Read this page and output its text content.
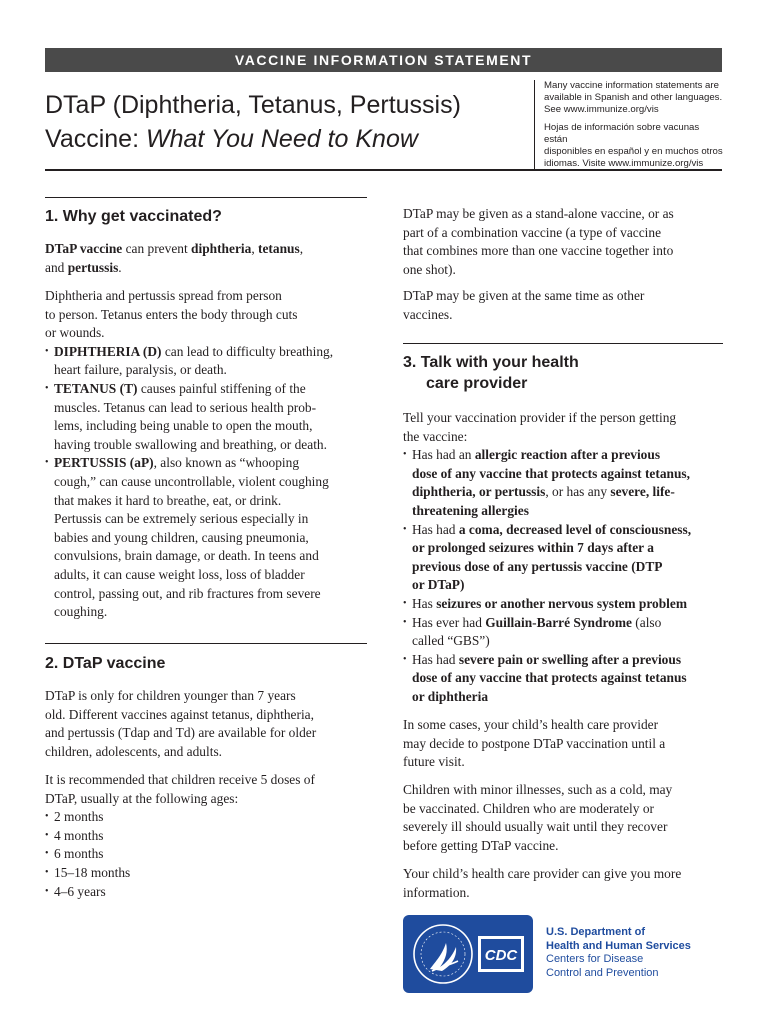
VACCINE INFORMATION STATEMENT
DTaP (Diphtheria, Tetanus, Pertussis)
Vaccine: What You Need to Know

Many vaccine information statements are
available in Spanish and other languages.
See www.immunize.org/vis

Hojas de información sobre vacunas están
disponibles en español y en muchos otros
idiomas. Visite www.immunize.org/vis

1. Why get vaccinated?
DTaP vaccine can prevent diphtheria, tetanus,
and pertussis.
Diphtheria and pertussis spread from person
to person. Tetanus enters the body through cuts
or wounds.
• DIPHTHERIA (D) can lead to difficulty breathing,
heart failure, paralysis, or death.
• TETANUS (T) causes painful stiffening of the
muscles. Tetanus can lead to serious health prob-
lems, including being unable to open the mouth,
having trouble swallowing and breathing, or death.
• PERTUSSIS (aP), also known as “whooping
cough,” can cause uncontrollable, violent coughing
that makes it hard to breathe, eat, or drink.
Pertussis can be extremely serious especially in
babies and young children, causing pneumonia,
convulsions, brain damage, or death. In teens and
adults, it can cause weight loss, loss of bladder
control, passing out, and rib fractures from severe
coughing.
2. DTaP vaccine
DTaP is only for children younger than 7 years
old. Different vaccines against tetanus, diphtheria,
and pertussis (Tdap and Td) are available for older
children, adolescents, and adults.
It is recommended that children receive 5 doses of
DTaP, usually at the following ages:
• 2 months
• 4 months
• 6 months
• 15–18 months
• 4–6 years
DTaP may be given as a stand-alone vaccine, or as
part of a combination vaccine (a type of vaccine
that combines more than one vaccine together into
one shot).
DTaP may be given at the same time as other
vaccines.
3. Talk with your health
care provider
Tell your vaccination provider if the person getting
the vaccine:
• Has had an allergic reaction after a previous
dose of any vaccine that protects against tetanus,
diphtheria, or pertussis, or has any severe, life-
threatening allergies
• Has had a coma, decreased level of consciousness,
or prolonged seizures within 7 days after a
previous dose of any pertussis vaccine (DTP
or DTaP)
• Has seizures or another nervous system problem
• Has ever had Guillain-Barré Syndrome (also
called “GBS”)
• Has had severe pain or swelling after a previous
dose of any vaccine that protects against tetanus
or diphtheria
In some cases, your child’s health care provider
may decide to postpone DTaP vaccination until a
future visit.
Children with minor illnesses, such as a cold, may
be vaccinated. Children who are moderately or
severely ill should usually wait until they recover
before getting DTaP vaccine.
Your child’s health care provider can give you more
information.
CDC
U.S. Department of
Health and Human Services
Centers for Disease
Control and Prevention
